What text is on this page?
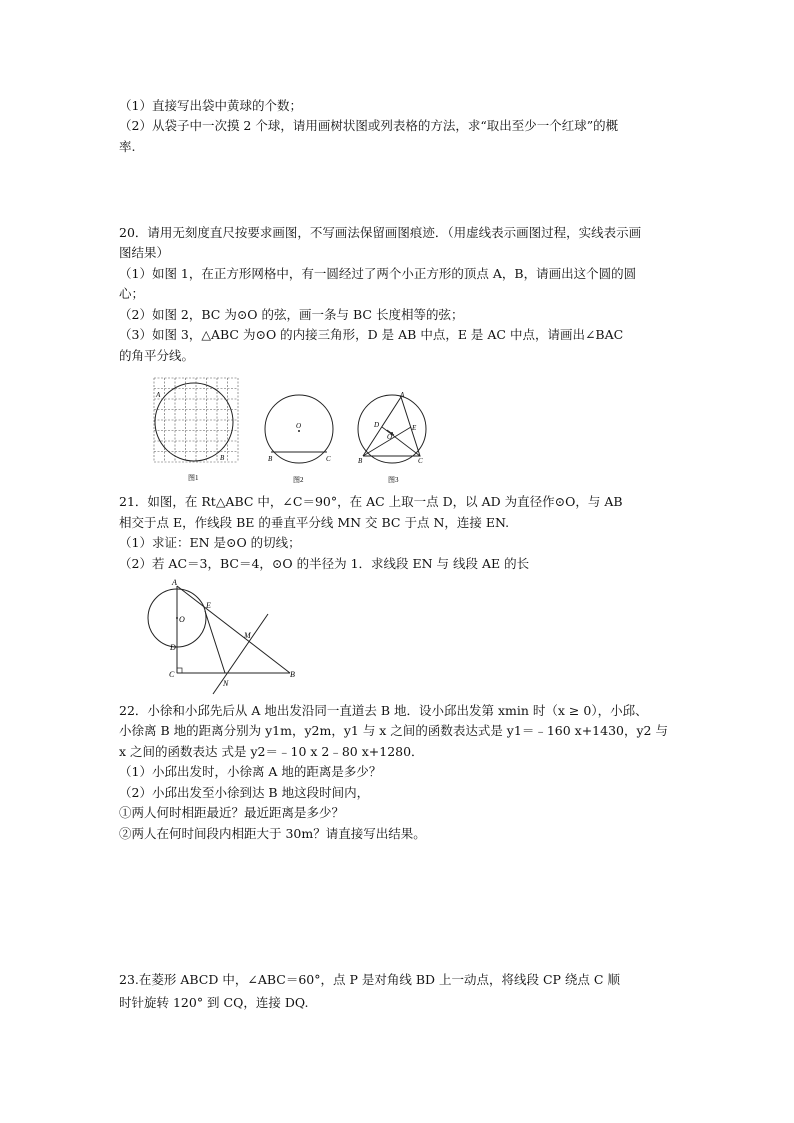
（1）直接写出袋中黄球的个数；
（2）从袋子中一次摸 2 个球，请用画树状图或列表格的方法，求“取出至少一个红球”的概
率.
20．请用无刻度直尺按要求画图，不写画法保留画图痕迹．（用虚线表示画图过程，实线表示画
图结果）
（1）如图 1，在正方形网格中，有一圆经过了两个小正方形的顶点 A，B，请画出这个圆的圆
心；
（2）如图 2，BC 为⊙O 的弦，画一条与 BC 长度相等的弦；
（3）如图 3，△ABC 为⊙O 的内接三角形，D 是 AB 中点，E 是 AC 中点，请画出∠BAC
的角平分线。
A
B
图1
O
B	C
图2
A
D	E
O
B	C
图3
21．如图，在 Rt△ABC 中，∠C＝90°，在 AC 上取一点 D，以 AD 为直径作⊙O，与 AB
相交于点 E，作线段 BE 的垂直平分线 MN 交 BC 于点 N，连接 EN.
（1）求证：EN 是⊙O 的切线；
（2）若 AC＝3，BC＝4，⊙O 的半径为 1．求线段 EN 与 线段 AE 的长
A
E
O
M
D
C
N
B
22．小徐和小邱先后从 A 地出发沿同一直道去 B 地．设小邱出发第 xmin 时（x ≥ 0），小邱、
小徐离 B 地的距离分别为 y1m，y2m，y1 与 x 之间的函数表达式是 y1＝﹣160 x+1430，y2 与
x 之间的函数表达 式是 y2＝﹣10 x 2﹣80 x+1280．
（1）小邱出发时，小徐离 A 地的距离是多少？
（2）小邱出发至小徐到达 B 地这段时间内，
①两人何时相距最近？最近距离是多少？
②两人在何时间段内相距大于 30m？请直接写出结果。
23.在菱形 ABCD 中，∠ABC＝60°，点 P 是对角线 BD 上一动点，将线段 CP 绕点 C 顺
时针旋转 120° 到 CQ，连接 DQ.
